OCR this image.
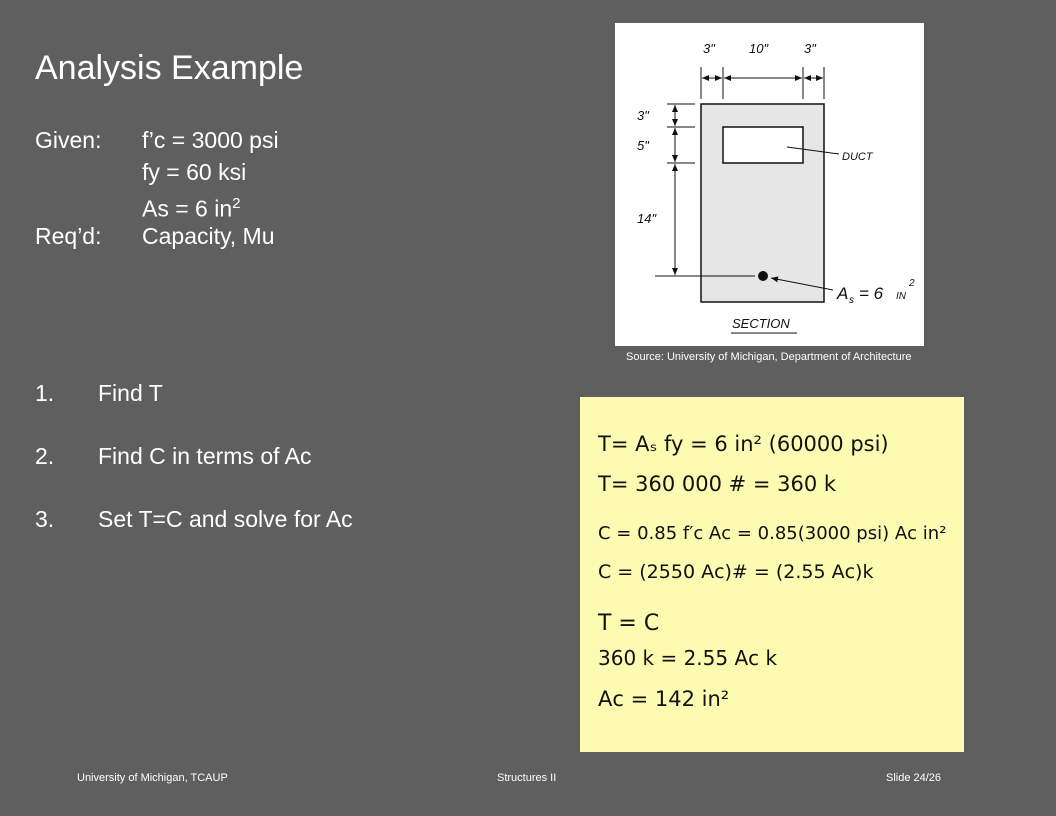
Analysis Example
Given: f’c = 3000 psi
fy = 60 ksi
As = 6 $in^2$
Req’d: Capacity, Mu
1. Find T
2. Find C in terms of Ac
3. Set T=C and solve for Ac
3"	10"	3"
3"
5"
14"
DUCT
A s = 6 IN
2
SECTION
Source: University of Michigan, Department of Architecture
T= Aₛ fy = 6 in² (60000 psi)
T= 360 000 # = 360 k
C = 0.85 f′c Aᴄ = 0.85(3000 psi) Aᴄ in²
C = (2550 Aᴄ)# = (2.55 Aᴄ)k
T = C
360 k = 2.55 Aᴄ k
Aᴄ = 142 in²
University of Michigan, TCAUP	Structures II	Slide 24/26
